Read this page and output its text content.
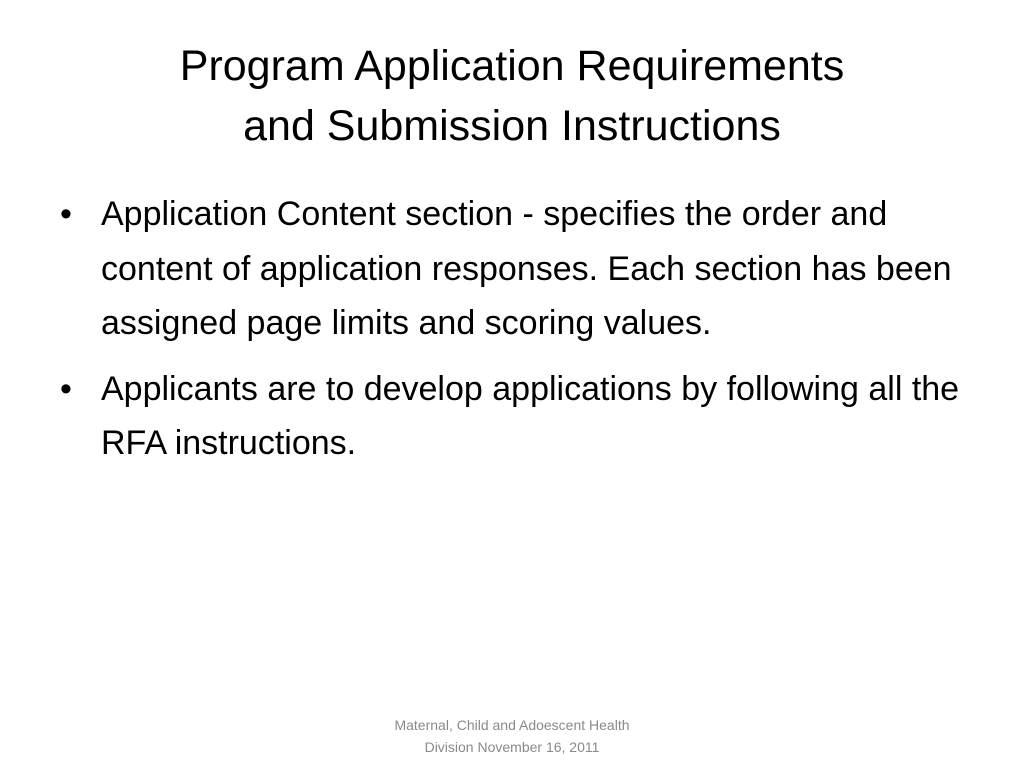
Program Application Requirements
and Submission Instructions
• Application Content section - specifies the order and content of application responses. Each section has been assigned page limits and scoring values.
• Applicants are to develop applications by following all the RFA instructions.
Maternal, Child and Adoescent Health
Division November 16, 2011
